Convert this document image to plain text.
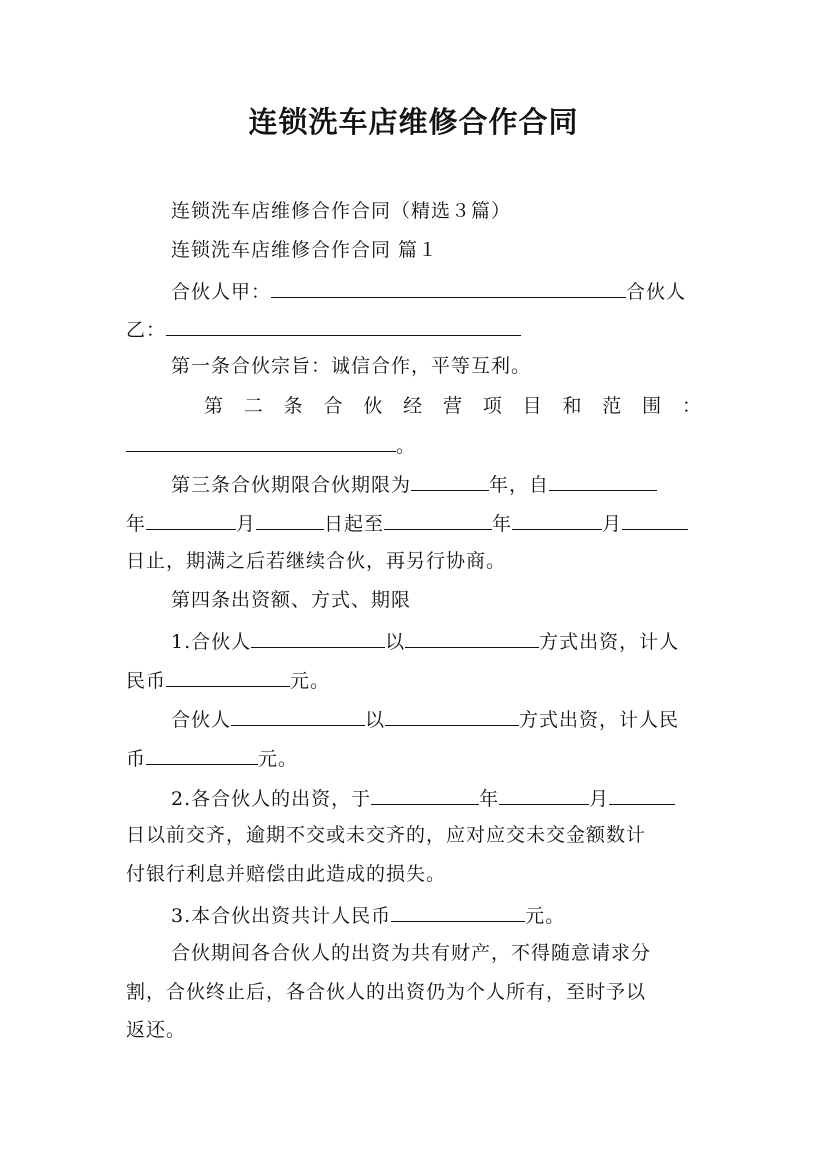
连锁洗车店维修合作合同
连锁洗车店维修合作合同（精选３篇）
连锁洗车店维修合作合同 篇１
合伙人甲：	合伙人
乙：
第一条合伙宗旨：诚信合作，平等互利。
第 二 条 合 伙 经 营 项 目 和 范 围 ：
。
第三条合伙期限合伙期限为	年，自
年	月	日起至	年	月
日止，期满之后若继续合伙，再另行协商。
第四条出资额、方式、期限
1.合伙人	以	方式出资，计人
民币	元。
合伙人	以	方式出资，计人民
币	元。
2.各合伙人的出资，于	年	月
日以前交齐，逾期不交或未交齐的，应对应交未交金额数计
付银行利息并赔偿由此造成的损失。
3.本合伙出资共计人民币	元。
合伙期间各合伙人的出资为共有财产，不得随意请求分
割，合伙终止后，各合伙人的出资仍为个人所有，至时予以
返还。
